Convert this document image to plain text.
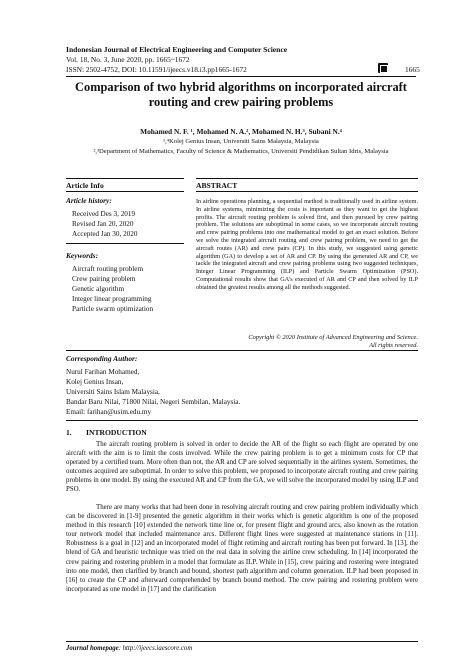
Indonesian Journal of Electrical Engineering and Computer Science
Vol. 18, No. 3, June 2020, pp. 1665~1672
ISSN: 2502-4752, DOI: 10.11591/ijeecs.v18.i3.pp1665-1672	1665
Comparison of two hybrid algorithms on incorporated aircraft
routing and crew pairing problems
Mohamed N. F. ¹, Mohamed N. A.², Mohamed N. H.³, Subani N.⁴
¹,⁴Kolej Genius Insan, Universiti Sains Malaysia, Malaysia
²,³Department of Mathematics, Faculty of Science & Mathematics, Universiti Pendidikan Sultan Idris, Malaysia
Article Info	ABSTRACT
Article history:
Received Des 3, 2019
Revised Jan 20, 2020
Accepted Jan 30, 2020
Keywords:
Aircraft routing problem
Crew pairing problem
Genetic algorithm
Integer linear programming
Particle swarm optimization
In airline operations planning, a sequential method is traditionally used in airline system. In airline systems, minimizing the costs is important as they want to get the highest profits. The aircraft routing problem is solved first, and then pursued by crew pairing problem. The solutions are suboptimal in some cases, so we incorporate aircraft routing and crew pairing problems into one mathematical model to get an exact solution. Before we solve the integrated aircraft routing and crew pairing problem, we need to get the aircraft routes (AR) and crew pairs (CP). In this study, we suggested using genetic algorithm (GA) to develop a set of AR and CP. By using the generated AR and CP, we tackle the integrated aircraft and crew pairing problems using two suggested techniques, Integer Linear Programming (ILP) and Particle Swarm Optimization (PSO). Computational results show that GA's executed of AR and CP and then solved by ILP obtained the greatest results among all the methods suggested.
Copyright © 2020 Institute of Advanced Engineering and Science.
All rights reserved.
Corresponding Author:
Nurul Farihan Mohamed,
Kolej Genius Insan,
Universiti Sains Islam Malaysia,
Bandar Baru Nilai, 71800 Nilai, Negeri Sembilan, Malaysia.
Email: farihan@usim.edu.my
1. INTRODUCTION

The aircraft routing problem is solved in order to decide the AR of the flight so each flight are operated by one aircraft with the aim is to limit the costs involved. While the crew pairing problem is to get a minimum costs for CP that operated by a certified team. More often than not, the AR and CP are solved sequentially in the airlines system. Sometimes, the outcomes acquired are suboptimal. In order to solve this problem, we proposed to incorporate aircraft routing and crew pairing problems in one model. By using the executed AR and CP from the GA, we will solve the incorporated model by using ILP and PSO.

There are many works that had been done in resolving aircraft routing and crew pairing problem individually which can be discovered in [1-9] presented the genetic algorithm in their works which is genetic algorithm is one of the proposed method in this research [10] extended the network time line or, for present flight and ground arcs, also known as the rotation tour network model that included maintenance arcs. Different flight lines were suggested at maintenance stations in [11]. Robustness is a goal in [12] and an incorporated model of flight retiming and aircraft routing has been put forward. In [13], the blend of GA and heuristic technique was tried on the real data in solving the airline crew scheduling. In [14] incorporated the crew pairing and rostering problem in a model that formulate as ILP. While in [15], crew pairing and rostering were integrated into one model, then clarified by branch and bound, shortest path algorithm and column generation. ILP had been proposed in [16] to create the CP and afterward comprehended by branch bound method. The crew pairing and rostering problem were incorporated as one model in [17] and the clarification

Journal homepage: http://ijeecs.iaescore.com
